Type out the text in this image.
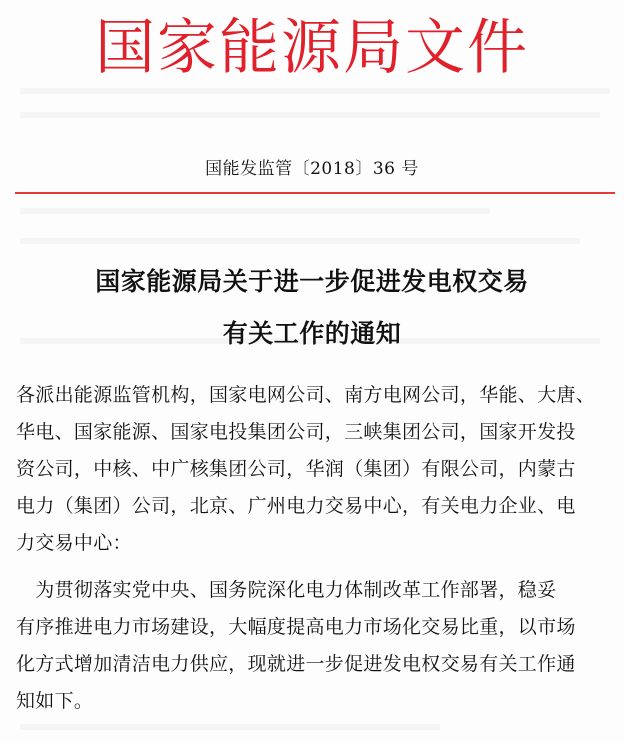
国家能源局文件
国能发监管〔2018〕36 号
国家能源局关于进一步促进发电权交易
有关工作的通知
各派出能源监管机构，国家电网公司、南方电网公司，华能、大唐、
华电、国家能源、国家电投集团公司，三峡集团公司，国家开发投
资公司，中核、中广核集团公司，华润（集团）有限公司，内蒙古
电力（集团）公司，北京、广州电力交易中心，有关电力企业、电
力交易中心：
　为贯彻落实党中央、国务院深化电力体制改革工作部署，稳妥
有序推进电力市场建设，大幅度提高电力市场化交易比重，以市场
化方式增加清洁电力供应，现就进一步促进发电权交易有关工作通
知如下。
